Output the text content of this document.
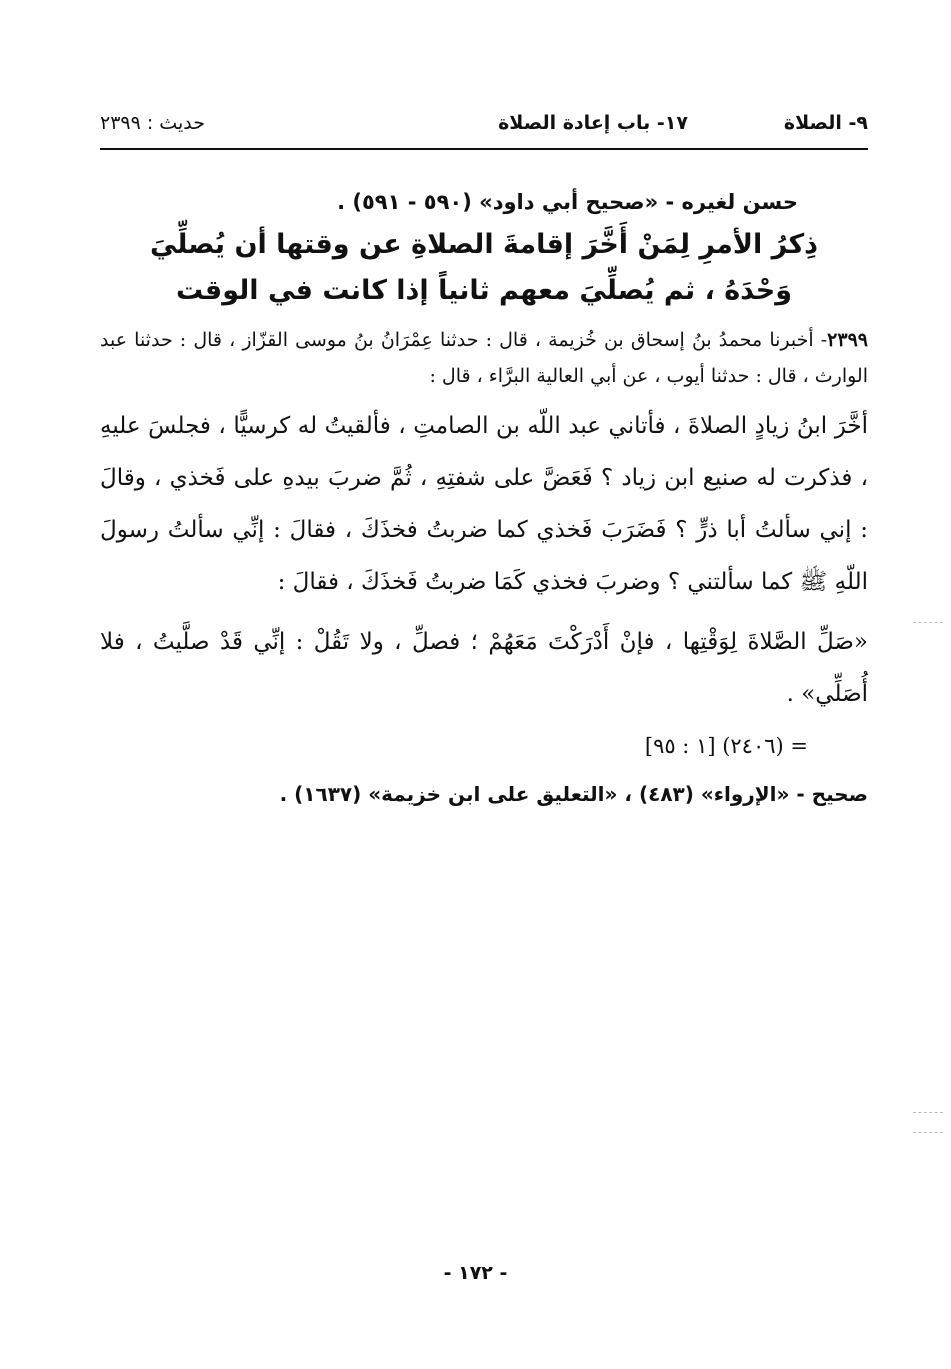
٩- الصلاة
١٧- باب إعادة الصلاة
حديث : ٢٣٩٩

حسن لغيره - «صحيح أبي داود» (٥٩٠ - ٥٩١) .

ذِكرُ الأمرِ لِمَنْ أَخَّرَ إقامةَ الصلاةِ عن وقتها أن يُصلِّيَ
وَحْدَهُ ، ثم يُصلِّيَ معهم ثانياً إذا كانت في الوقت

٢٣٩٩- أخبرنا محمدُ بنُ إسحاق بن خُزيمة ، قال : حدثنا عِمْرَانُ بنُ موسى القزّاز ، قال : حدثنا عبد الوارث ، قال : حدثنا أيوب ، عن أبي العالية البرَّاء ، قال :

أخَّرَ ابنُ زيادٍ الصلاةَ ، فأتاني عبد اللّه بن الصامتِ ، فألقيتُ له كرسيًّا ، فجلسَ عليهِ ، فذكرت له صنيع ابن زياد ؟ فَعَضَّ على شفتِهِ ، ثُمَّ ضربَ بيدهِ على فَخذي ، وقالَ : إني سألتُ أبا ذرٍّ ؟ فَضَرَبَ فَخذي كما ضربتُ فخذَكَ ، فقالَ : إنِّي سألتُ رسولَ اللّهِ ﷺ كما سألتني ؟ وضربَ فخذي كَمَا ضربتُ فَخذَكَ ، فقالَ :

«صَلِّ الصَّلاةَ لِوَقْتِها ، فإنْ أَدْرَكْتَ مَعَهُمْ ؛ فصلِّ ، ولا تَقُلْ : إنِّي قَدْ صلَّيتُ ، فلا أُصَلِّي» .

= (٢٤٠٦) [١ : ٩٥]

صحيح - «الإرواء» (٤٨٣) ، «التعليق على ابن خزيمة» (١٦٣٧) .

- ١٧٢ -
